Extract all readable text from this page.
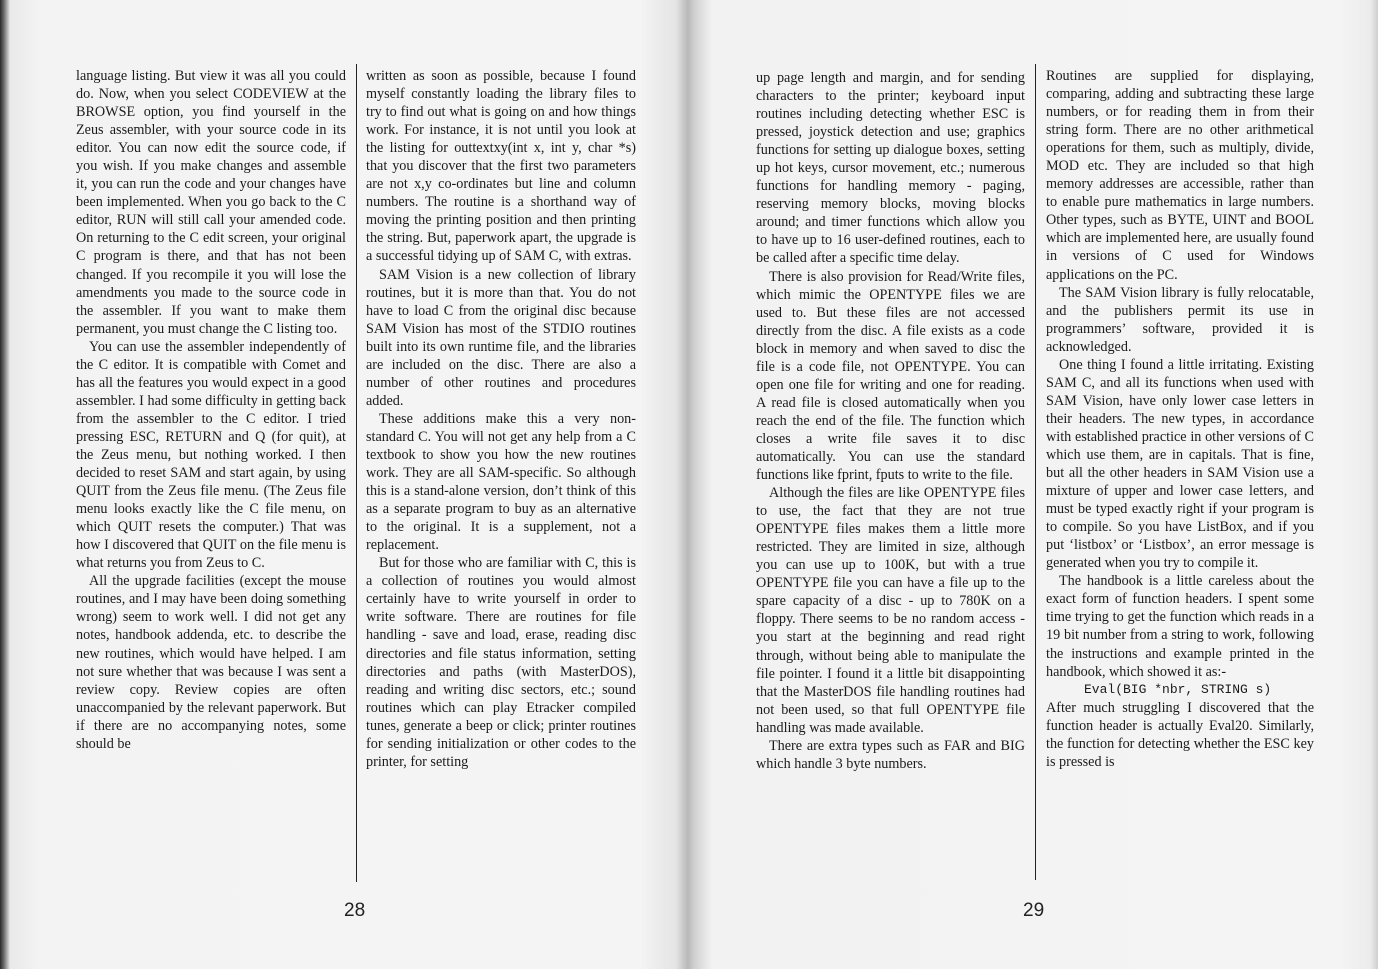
language listing. But view it was all you could do. Now, when you select CODEVIEW at the BROWSE option, you find yourself in the Zeus assembler, with your source code in its editor. You can now edit the source code, if you wish. If you make changes and assemble it, you can run the code and your changes have been implemented. When you go back to the C editor, RUN will still call your amended code. On returning to the C edit screen, your original C program is there, and that has not been changed. If you recompile it you will lose the amendments you made to the source code in the assembler. If you want to make them permanent, you must change the C listing too.

You can use the assembler independently of the C editor. It is compatible with Comet and has all the features you would expect in a good assembler. I had some difficulty in getting back from the assembler to the C editor. I tried pressing ESC, RETURN and Q (for quit), at the Zeus menu, but nothing worked. I then decided to reset SAM and start again, by using QUIT from the Zeus file menu. (The Zeus file menu looks exactly like the C file menu, on which QUIT resets the computer.) That was how I discovered that QUIT on the file menu is what returns you from Zeus to C.

All the upgrade facilities (except the mouse routines, and I may have been doing something wrong) seem to work well. I did not get any notes, handbook addenda, etc. to describe the new routines, which would have helped. I am not sure whether that was because I was sent a review copy. Review copies are often unaccompanied by the relevant paperwork. But if there are no accompanying notes, some should be

written as soon as possible, because I found myself constantly loading the library files to try to find out what is going on and how things work. For instance, it is not until you look at the listing for outtextxy(int x, int y, char *s) that you discover that the first two parameters are not x,y co-ordinates but line and column numbers. The routine is a shorthand way of moving the printing position and then printing the string. But, paperwork apart, the upgrade is a successful tidying up of SAM C, with extras.

SAM Vision is a new collection of library routines, but it is more than that. You do not have to load C from the original disc because SAM Vision has most of the STDIO routines built into its own runtime file, and the libraries are included on the disc. There are also a number of other routines and procedures added.

These additions make this a very non-standard C. You will not get any help from a C textbook to show you how the new routines work. They are all SAM-specific. So although this is a stand-alone version, don’t think of this as a separate program to buy as an alternative to the original. It is a supplement, not a replacement.

But for those who are familiar with C, this is a collection of routines you would almost certainly have to write yourself in order to write software. There are routines for file handling - save and load, erase, reading disc directories and file status information, setting directories and paths (with MasterDOS), reading and writing disc sectors, etc.; sound routines which can play Etracker compiled tunes, generate a beep or click; printer routines for sending initialization or other codes to the printer, for setting

28

up page length and margin, and for sending characters to the printer; keyboard input routines including detecting whether ESC is pressed, joystick detection and use; graphics functions for setting up dialogue boxes, setting up hot keys, cursor movement, etc.; numerous functions for handling memory - paging, reserving memory blocks, moving blocks around; and timer functions which allow you to have up to 16 user-defined routines, each to be called after a specific time delay.

There is also provision for Read/Write files, which mimic the OPENTYPE files we are used to. But these files are not accessed directly from the disc. A file exists as a code block in memory and when saved to disc the file is a code file, not OPENTYPE. You can open one file for writing and one for reading. A read file is closed automatically when you reach the end of the file. The function which closes a write file saves it to disc automatically. You can use the standard functions like fprint, fputs to write to the file.

Although the files are like OPENTYPE files to use, the fact that they are not true OPENTYPE files makes them a little more restricted. They are limited in size, although you can use up to 100K, but with a true OPENTYPE file you can have a file up to the spare capacity of a disc - up to 780K on a floppy. There seems to be no random access - you start at the beginning and read right through, without being able to manipulate the file pointer. I found it a little bit disappointing that the MasterDOS file handling routines had not been used, so that full OPENTYPE file handling was made available.

There are extra types such as FAR and BIG which handle 3 byte numbers.

Routines are supplied for displaying, comparing, adding and subtracting these large numbers, or for reading them in from their string form. There are no other arithmetical operations for them, such as multiply, divide, MOD etc. They are included so that high memory addresses are accessible, rather than to enable pure mathematics in large numbers. Other types, such as BYTE, UINT and BOOL which are implemented here, are usually found in versions of C used for Windows applications on the PC.

The SAM Vision library is fully relocatable, and the publishers permit its use in programmers’ software, provided it is acknowledged.

One thing I found a little irritating. Existing SAM C, and all its functions when used with SAM Vision, have only lower case letters in their headers. The new types, in accordance with established practice in other versions of C which use them, are in capitals. That is fine, but all the other headers in SAM Vision use a mixture of upper and lower case letters, and must be typed exactly right if your program is to compile. So you have ListBox, and if you put ‘listbox’ or ‘Listbox’, an error message is generated when you try to compile it.

The handbook is a little careless about the exact form of function headers. I spent some time trying to get the function which reads in a 19 bit number from a string to work, following the instructions and example printed in the handbook, which showed it as:-

Eval(BIG *nbr, STRING s)

After much struggling I discovered that the function header is actually Eval20. Similarly, the function for detecting whether the ESC key is pressed is

29
